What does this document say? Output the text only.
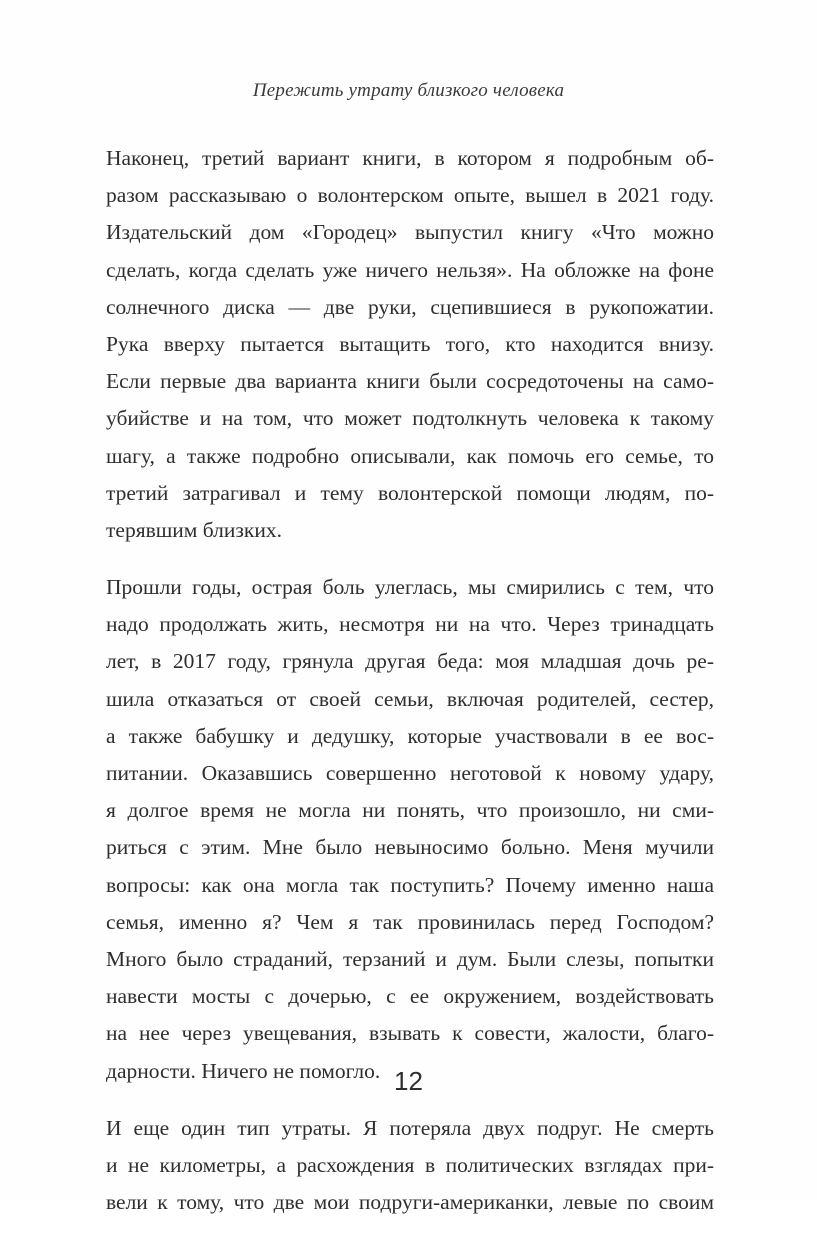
Пережить утрату близкого человека

Наконец, третий вариант книги, в котором я подробным об-
разом рассказываю о волонтерском опыте, вышел в 2021 году.
Издательский дом «Городец» выпустил книгу «Что можно
сделать, когда сделать уже ничего нельзя». На обложке на фоне
солнечного диска — две руки, сцепившиеся в рукопожатии.
Рука вверху пытается вытащить того, кто находится внизу.
Если первые два варианта книги были сосредоточены на само-
убийстве и на том, что может подтолкнуть человека к такому
шагу, а также подробно описывали, как помочь его семье, то
третий затрагивал и тему волонтерской помощи людям, по-
терявшим близких.

Прошли годы, острая боль улеглась, мы смирились с тем, что
надо продолжать жить, несмотря ни на что. Через тринадцать
лет, в 2017 году, грянула другая беда: моя младшая дочь ре-
шила отказаться от своей семьи, включая родителей, сестер,
а также бабушку и дедушку, которые участвовали в ее вос-
питании. Оказавшись совершенно неготовой к новому удару,
я долгое время не могла ни понять, что произошло, ни сми-
риться с этим. Мне было невыносимо больно. Меня мучили
вопросы: как она могла так поступить? Почему именно наша
семья, именно я? Чем я так провинилась перед Господом?
Много было страданий, терзаний и дум. Были слезы, попытки
навести мосты с дочерью, с ее окружением, воздействовать
на нее через увещевания, взывать к совести, жалости, благо-
дарности. Ничего не помогло.

И еще один тип утраты. Я потеряла двух подруг. Не смерть
и не километры, а расхождения в политических взглядах при-
вели к тому, что две мои подруги-американки, левые по своим

12
